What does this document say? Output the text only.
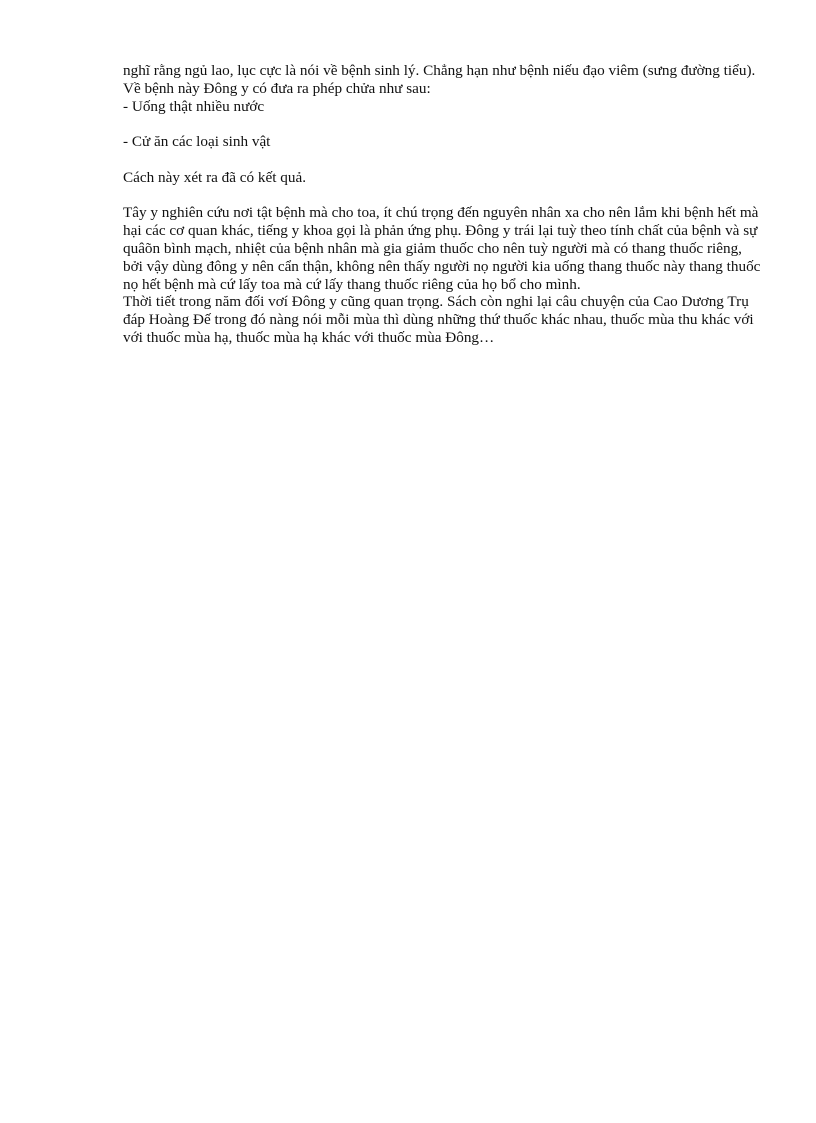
nghĩ rằng ngủ lao, lục cực là nói về bệnh sinh lý. Chẳng hạn như bệnh niếu đạo viêm (sưng đường tiểu). Về bệnh này Đông y có đưa ra phép chửa như sau:

- Uống thật nhiều nước

- Cử ăn các loại sinh vật

Cách này xét ra đã có kết quả.

Tây y nghiên cứu nơi tật bệnh mà cho toa, ít chú trọng đến nguyên nhân xa cho nên lắm khi bệnh hết mà hại các cơ quan khác, tiếng y khoa gọi là phản ứng phụ. Đông y trái lại tuỳ theo tính chất của bệnh và sự quâõn bình mạch, nhiệt của bệnh nhân mà gia giảm thuốc cho nên tuỳ người mà có thang thuốc riêng, bởi vậy dùng đông y nên cẩn thận, không nên thấy người nọ người kia uống thang thuốc này thang thuốc nọ hết bệnh mà cứ lấy toa mà cứ lấy thang thuốc riêng của họ bổ cho mình.

Thời tiết trong năm đối vơí Đông y cũng quan trọng. Sách còn nghi lại câu chuyện của Cao Dương Trụ đáp Hoàng Đế trong đó nàng nói mỗi mùa thì dùng những thứ thuốc khác nhau, thuốc mùa thu khác với với thuốc mùa hạ, thuốc mùa hạ khác với thuốc mùa Đông…
